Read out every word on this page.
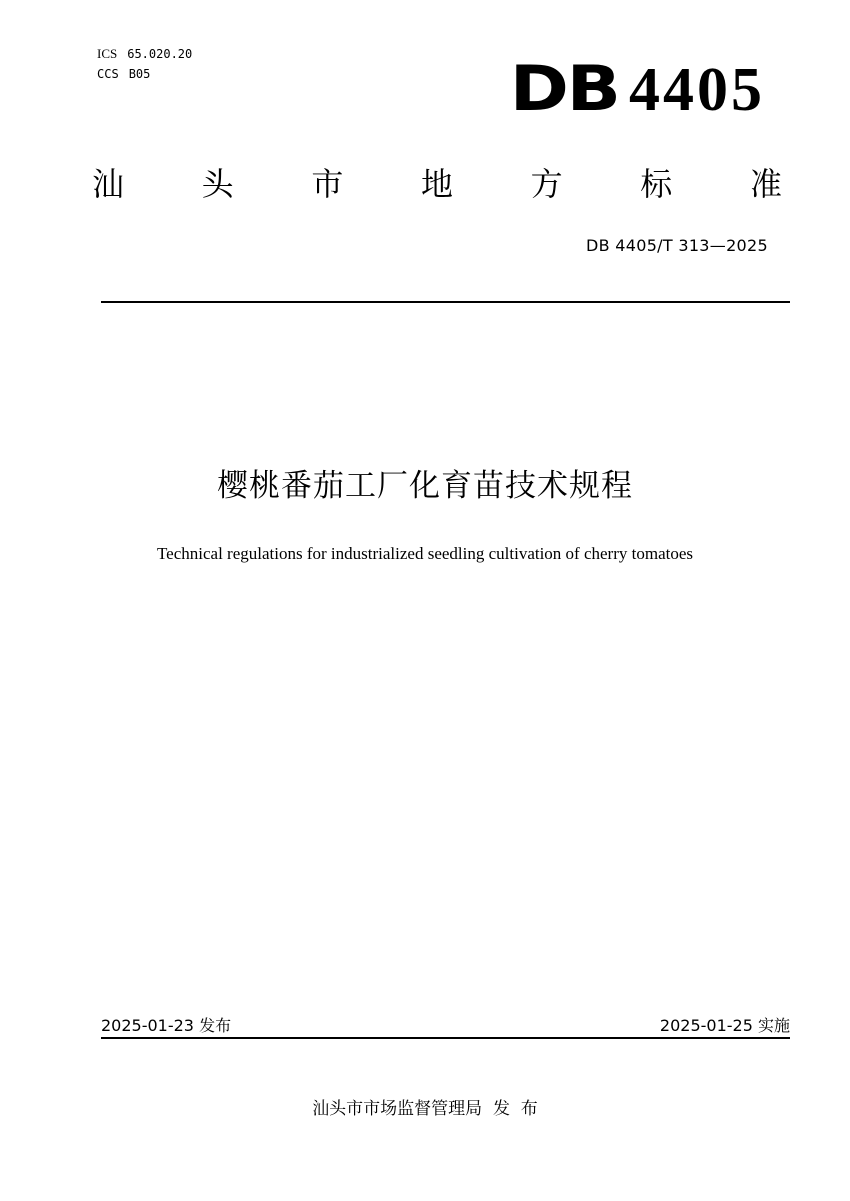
ICS 65.020.20
CCS B05	DB 4405
汕 头 市 地 方 标 准
DB 4405/T 313—2025
樱桃番茄工厂化育苗技术规程
Technical regulations for industrialized seedling cultivation of cherry tomatoes
2025-01-23 发布	2025-01-25 实施
汕头市市场监督管理局  发  布
